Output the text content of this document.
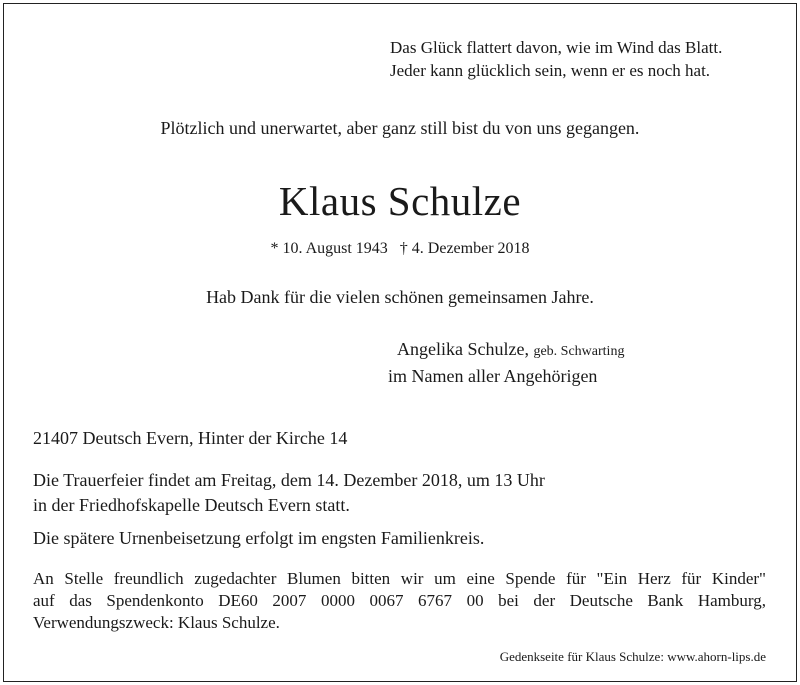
Das Glück flattert davon, wie im Wind das Blatt.
Jeder kann glücklich sein, wenn er es noch hat.

Plötzlich und unerwartet, aber ganz still bist du von uns gegangen.

Klaus Schulze
* 10. August 1943 † 4. Dezember 2018

Hab Dank für die vielen schönen gemeinsamen Jahre.

Angelika Schulze, geb. Schwarting
im Namen aller Angehörigen

21407 Deutsch Evern, Hinter der Kirche 14

Die Trauerfeier findet am Freitag, dem 14. Dezember 2018, um 13 Uhr
in der Friedhofskapelle Deutsch Evern statt.

Die spätere Urnenbeisetzung erfolgt im engsten Familienkreis.

An Stelle freundlich zugedachter Blumen bitten wir um eine Spende für "Ein Herz für Kinder"
auf das Spendenkonto DE60 2007 0000 0067 6767 00 bei der Deutsche Bank Hamburg,
Verwendungszweck: Klaus Schulze.

Gedenkseite für Klaus Schulze: www.ahorn-lips.de
